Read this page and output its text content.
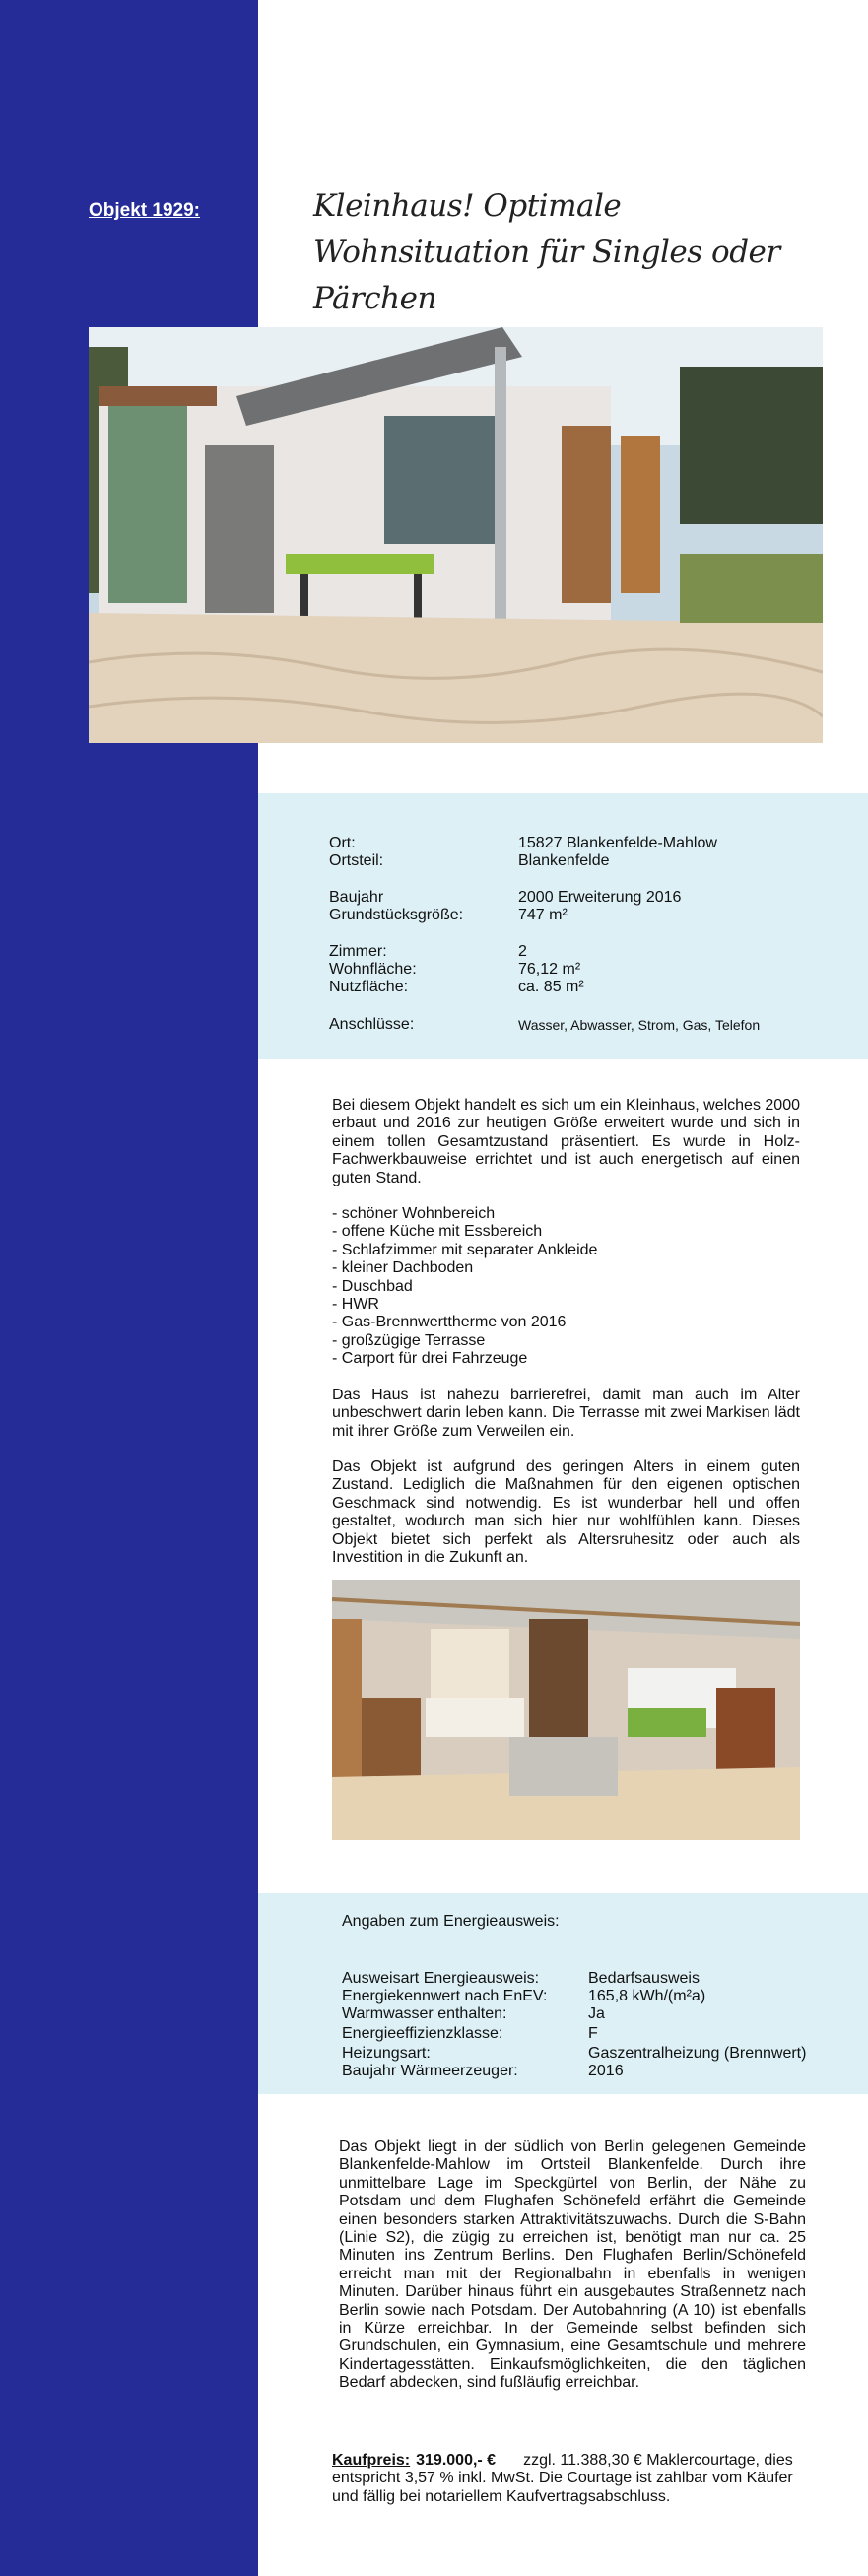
Objekt 1929:	Kleinhaus! Optimale Wohnsituation für Singles oder Pärchen
Ort:	15827 Blankenfelde-Mahlow
Ortsteil:	Blankenfelde
Baujahr	2000 Erweiterung 2016
Grundstücksgröße:	747 m²
Zimmer:	2
Wohnfläche:	76,12 m²
Nutzfläche:	ca. 85 m²
Anschlüsse:	Wasser, Abwasser, Strom, Gas, Telefon

Bei diesem Objekt handelt es sich um ein Kleinhaus, welches 2000 erbaut und 2016 zur heutigen Größe erweitert wurde und sich in einem tollen Gesamtzustand präsentiert. Es wurde in Holz-Fachwerkbauweise errichtet und ist auch energetisch auf einen guten Stand.

- schöner Wohnbereich
- offene Küche mit Essbereich
- Schlafzimmer mit separater Ankleide
- kleiner Dachboden
- Duschbad
- HWR
- Gas-Brennwerttherme von 2016
- großzügige Terrasse
- Carport für drei Fahrzeuge

Das Haus ist nahezu barrierefrei, damit man auch im Alter unbeschwert darin leben kann. Die Terrasse mit zwei Markisen lädt mit ihrer Größe zum Verweilen ein.

Das Objekt ist aufgrund des geringen Alters in einem guten Zustand. Lediglich die Maßnahmen für den eigenen optischen Geschmack sind notwendig. Es ist wunderbar hell und offen gestaltet, wodurch man sich hier nur wohlfühlen kann. Dieses Objekt bietet sich perfekt als Altersruhesitz oder auch als Investition in die Zukunft an.

Angaben zum Energieausweis:
Ausweisart Energieausweis:	Bedarfsausweis
Energiekennwert nach EnEV:	165,8 kWh/(m²a)
Warmwasser enthalten:	Ja
Energieeffizienzklasse:	F
Heizungsart:	Gaszentralheizung (Brennwert)
Baujahr Wärmeerzeuger:	2016
Das Objekt liegt in der südlich von Berlin gelegenen Gemeinde Blankenfelde-Mahlow im Ortsteil Blankenfelde. Durch ihre unmittelbare Lage im Speckgürtel von Berlin, der Nähe zu Potsdam und dem Flughafen Schönefeld erfährt die Gemeinde einen besonders starken Attraktivitätszuwachs. Durch die S-Bahn (Linie S2), die zügig zu erreichen ist, benötigt man nur ca. 25 Minuten ins Zentrum Berlins. Den Flughafen Berlin/Schönefeld erreicht man mit der Regionalbahn in ebenfalls in wenigen Minuten. Darüber hinaus führt ein ausgebautes Straßennetz nach Berlin sowie nach Potsdam. Der Autobahnring (A 10) ist ebenfalls in Kürze erreichbar. In der Gemeinde selbst befinden sich Grundschulen, ein Gymnasium, eine Gesamtschule und mehrere Kindertagesstätten. Einkaufsmöglichkeiten, die den täglichen Bedarf abdecken, sind fußläufig erreichbar.
Kaufpreis: 319.000,- € zzgl. 11.388,30 € Maklercourtage, dies entspricht 3,57 % inkl. MwSt. Die Courtage ist zahlbar vom Käufer und fällig bei notariellem Kaufvertragsabschluss.
